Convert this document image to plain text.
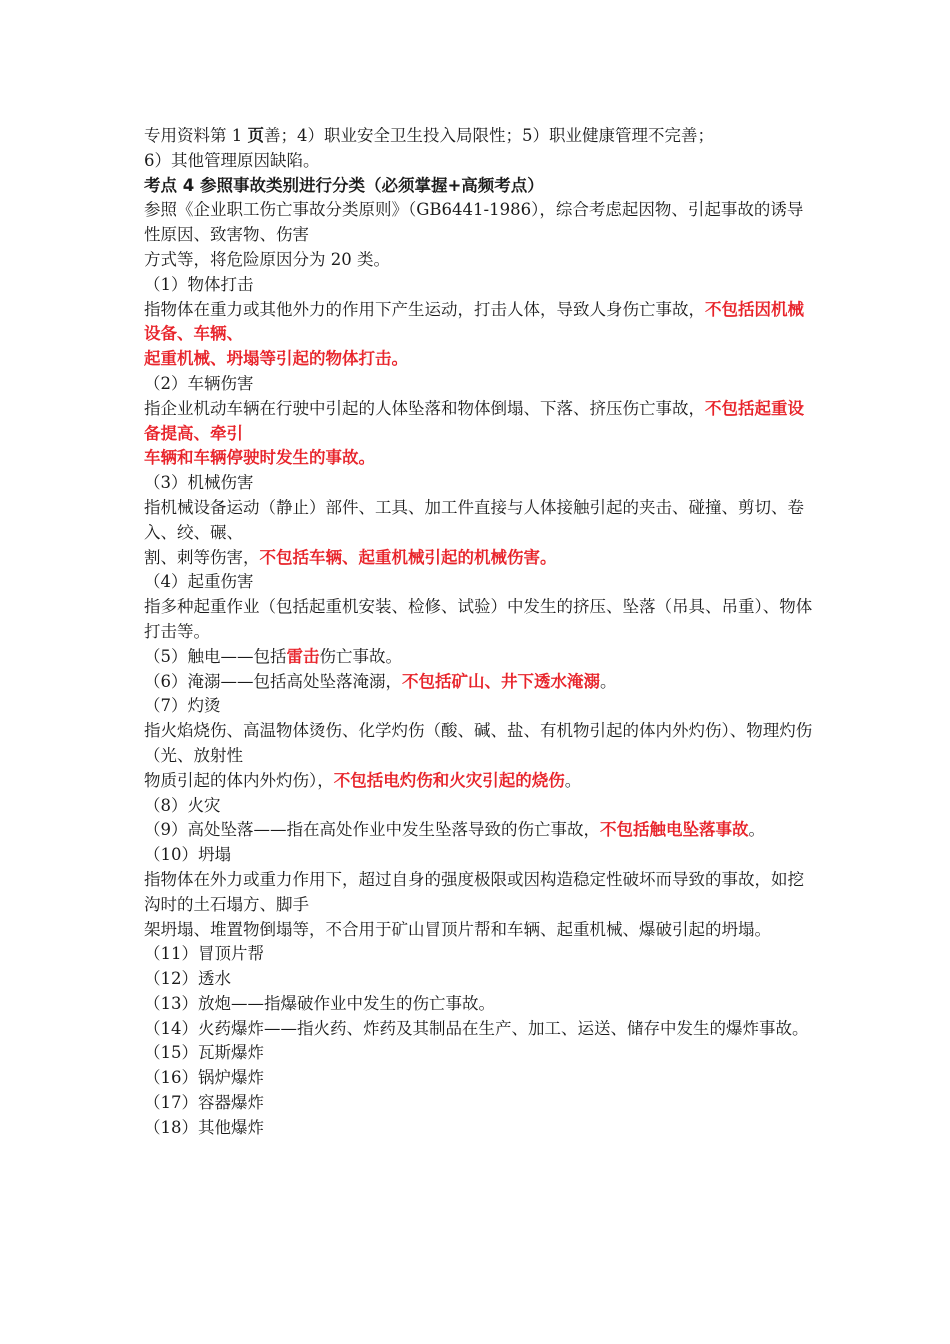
专用资料第 1 页善；4）职业安全卫生投入局限性；5）职业健康管理不完善；
6）其他管理原因缺陷。
考点 4 参照事故类别进行分类（必须掌握+高频考点）
参照《企业职工伤亡事故分类原则》（GB6441-1986），综合考虑起因物、引起事故的诱导性原因、致害物、伤害
方式等，将危险原因分为 20 类。
（1）物体打击
指物体在重力或其他外力的作用下产生运动，打击人体，导致人身伤亡事故，不包括因机械设备、车辆、
起重机械、坍塌等引起的物体打击。
（2）车辆伤害
指企业机动车辆在行驶中引起的人体坠落和物体倒塌、下落、挤压伤亡事故，不包括起重设备提高、牵引
车辆和车辆停驶时发生的事故。
（3）机械伤害
指机械设备运动（静止）部件、工具、加工件直接与人体接触引起的夹击、碰撞、剪切、卷入、绞、碾、
割、刺等伤害，不包括车辆、起重机械引起的机械伤害。
（4）起重伤害
指多种起重作业（包括起重机安装、检修、试验）中发生的挤压、坠落（吊具、吊重）、物体打击等。
（5）触电——包括雷击伤亡事故。
（6）淹溺——包括高处坠落淹溺，不包括矿山、井下透水淹溺。
（7）灼烫
指火焰烧伤、高温物体烫伤、化学灼伤（酸、碱、盐、有机物引起的体内外灼伤）、物理灼伤（光、放射性
物质引起的体内外灼伤），不包括电灼伤和火灾引起的烧伤。
（8）火灾
（9）高处坠落——指在高处作业中发生坠落导致的伤亡事故，不包括触电坠落事故。
（10）坍塌
指物体在外力或重力作用下，超过自身的强度极限或因构造稳定性破坏而导致的事故，如挖沟时的土石塌方、脚手
架坍塌、堆置物倒塌等，不合用于矿山冒顶片帮和车辆、起重机械、爆破引起的坍塌。
（11）冒顶片帮
（12）透水
（13）放炮——指爆破作业中发生的伤亡事故。
（14）火药爆炸——指火药、炸药及其制品在生产、加工、运送、储存中发生的爆炸事故。
（15）瓦斯爆炸
（16）锅炉爆炸
（17）容器爆炸
（18）其他爆炸
